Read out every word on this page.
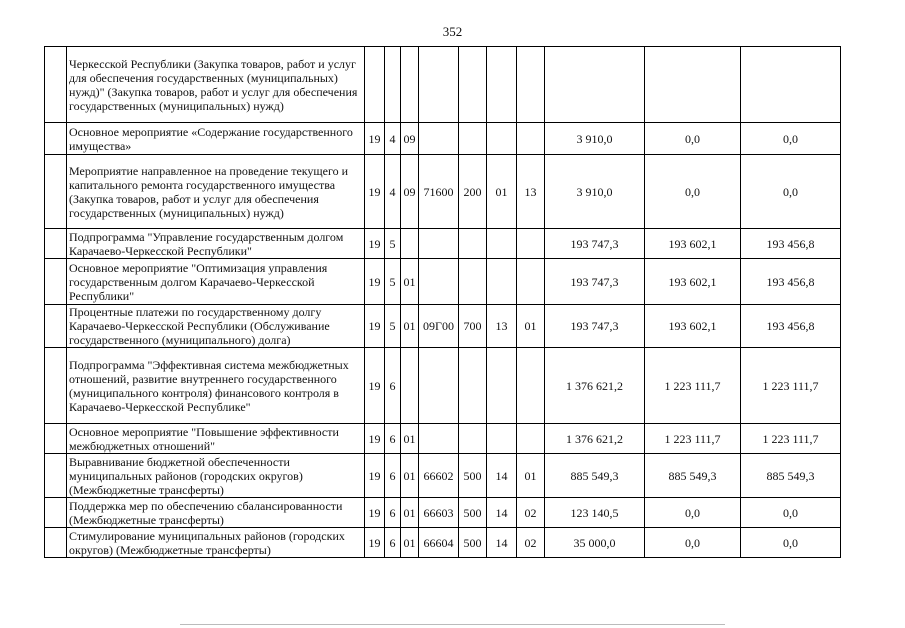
352
	Черкесской Республики (Закупка товаров, работ и услуг для обеспечения государственных (муниципальных) нужд)" (Закупка товаров, работ и услуг для обеспечения государственных (муниципальных) нужд)										
	Основное мероприятие «Содержание государственного имущества»	19	4	09					3 910,0	0,0	0,0
	Мероприятие направленное на проведение текущего и капитального ремонта государственного имущества (Закупка товаров, работ и услуг для обеспечения государственных (муниципальных) нужд)	19	4	09	71600	200	01	13	3 910,0	0,0	0,0
	Подпрограмма "Управление государственным долгом Карачаево-Черкесской Республики"	19	5						193 747,3	193 602,1	193 456,8
	Основное мероприятие "Оптимизация управления государственным долгом Карачаево-Черкесской Республики"	19	5	01					193 747,3	193 602,1	193 456,8
	Процентные платежи по государственному долгу Карачаево-Черкесской Республики (Обслуживание государственного (муниципального) долга)	19	5	01	09Г00	700	13	01	193 747,3	193 602,1	193 456,8
	Подпрограмма "Эффективная система межбюджетных отношений, развитие внутреннего государственного (муниципального контроля) финансового контроля в Карачаево-Черкесской Республике"	19	6						1 376 621,2	1 223 111,7	1 223 111,7
	Основное мероприятие "Повышение эффективности межбюджетных отношений"	19	6	01					1 376 621,2	1 223 111,7	1 223 111,7
	Выравнивание бюджетной обеспеченности муниципальных районов (городских округов) (Межбюджетные трансферты)	19	6	01	66602	500	14	01	885 549,3	885 549,3	885 549,3
	Поддержка мер по обеспечению сбалансированности (Межбюджетные трансферты)	19	6	01	66603	500	14	02	123 140,5	0,0	0,0
	Стимулирование муниципальных районов (городских округов) (Межбюджетные трансферты)	19	6	01	66604	500	14	02	35 000,0	0,0	0,0
